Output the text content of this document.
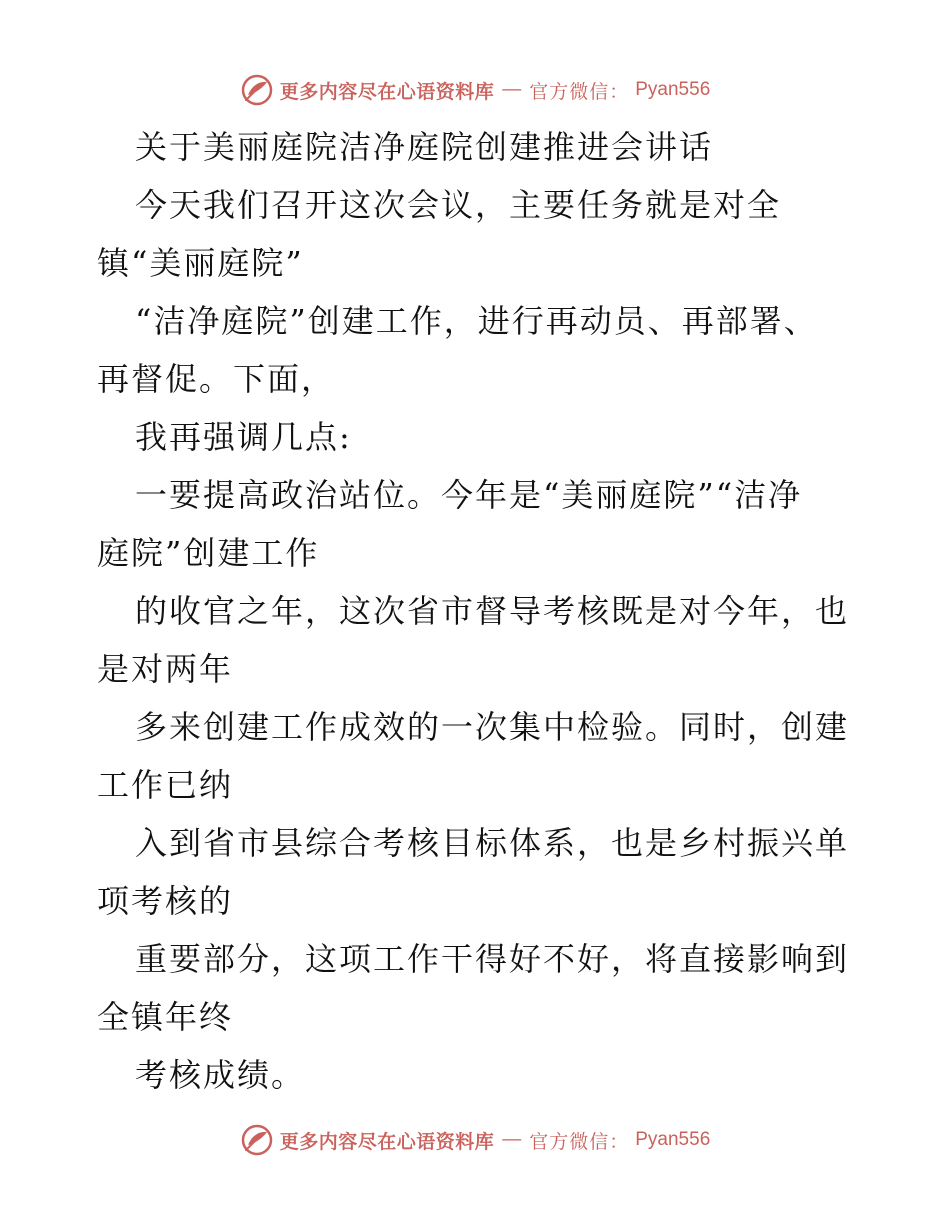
更多内容尽在心语资料库 — 官方微信： Pyan556
关于美丽庭院洁净庭院创建推进会讲话
今天我们召开这次会议，主要任务就是对全
镇“美丽庭院”
“洁净庭院”创建工作，进行再动员、再部署、
再督促。下面，
我再强调几点:
一要提高政治站位。今年是“美丽庭院”“洁净
庭院”创建工作
的收官之年，这次省市督导考核既是对今年，也
是对两年
多来创建工作成效的一次集中检验。同时，创建
工作已纳
入到省市县综合考核目标体系，也是乡村振兴单
项考核的
重要部分，这项工作干得好不好，将直接影响到
全镇年终
考核成绩。
更多内容尽在心语资料库 — 官方微信： Pyan556
